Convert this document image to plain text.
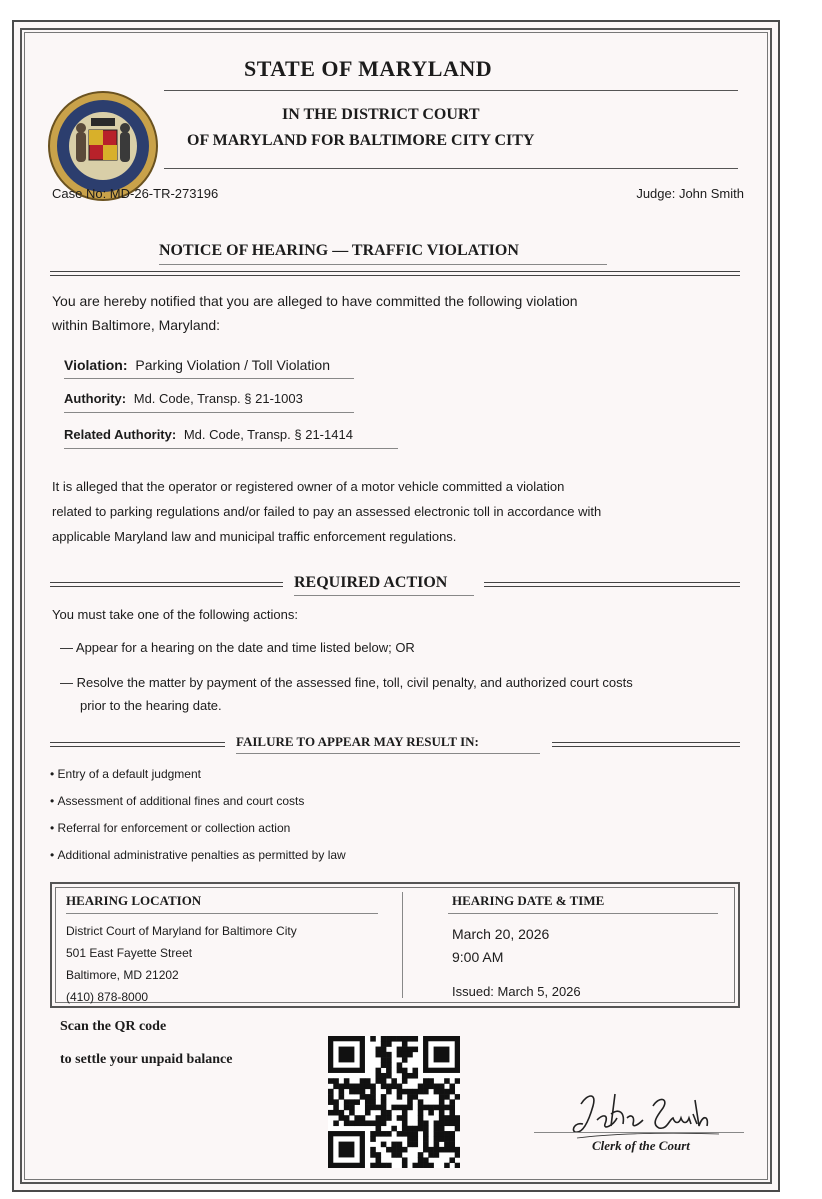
STATE OF MARYLAND
IN THE DISTRICT COURT
OF MARYLAND FOR BALTIMORE CITY CITY
Case No: MD-26-TR-273196	Judge: John Smith
NOTICE OF HEARING — TRAFFIC VIOLATION
You are hereby notified that you are alleged to have committed the following violation
within Baltimore, Maryland:
Violation: Parking Violation / Toll Violation
Authority: Md. Code, Transp. § 21-1003
Related Authority: Md. Code, Transp. § 21-1414
It is alleged that the operator or registered owner of a motor vehicle committed a violation
related to parking regulations and/or failed to pay an assessed electronic toll in accordance with
applicable Maryland law and municipal traffic enforcement regulations.
REQUIRED ACTION
You must take one of the following actions:
— Appear for a hearing on the date and time listed below; OR
— Resolve the matter by payment of the assessed fine, toll, civil penalty, and authorized court costs
prior to the hearing date.
FAILURE TO APPEAR MAY RESULT IN:
• Entry of a default judgment
• Assessment of additional fines and court costs
• Referral for enforcement or collection action
• Additional administrative penalties as permitted by law
HEARING LOCATION
District Court of Maryland for Baltimore City
501 East Fayette Street
Baltimore, MD 21202
(410) 878-8000
HEARING DATE & TIME
March 20, 2026
9:00 AM
Issued: March 5, 2026
Scan the QR code
to settle your unpaid balance
Clerk of the Court
